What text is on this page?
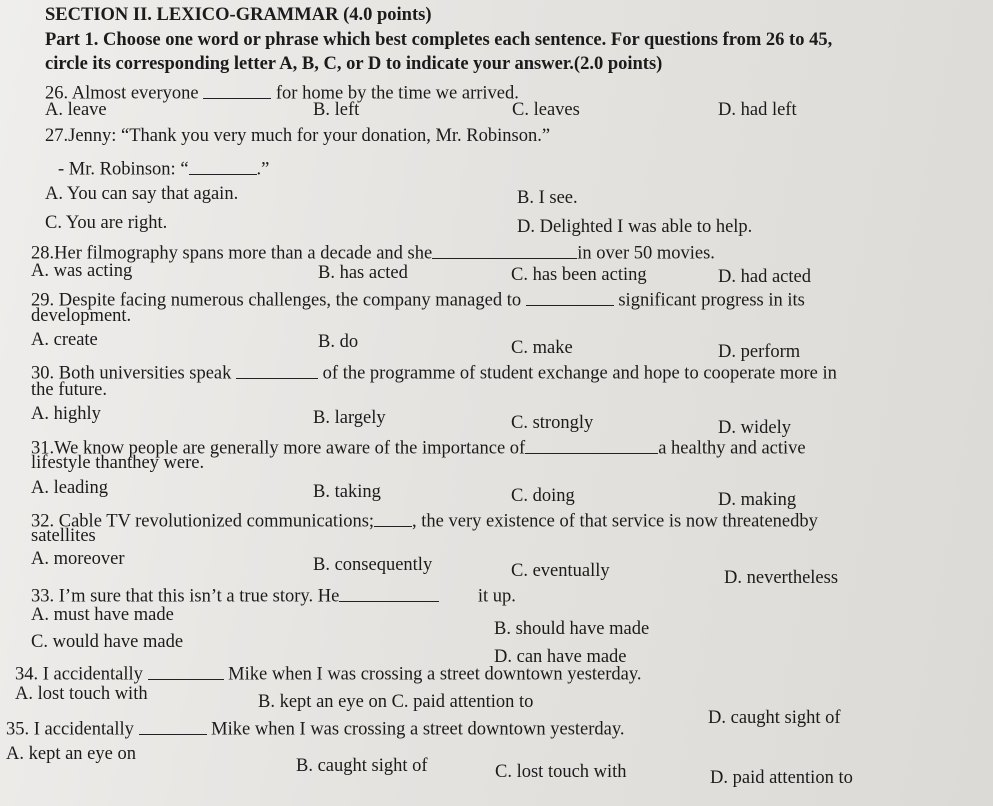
SECTION II. LEXICO-GRAMMAR (4.0 points)
Part 1. Choose one word or phrase which best completes each sentence. For questions from 26 to 45,
circle its corresponding letter A, B, C, or D to indicate your answer.(2.0 points)
26. Almost everyone	for home by the time we arrived.
A. leave	B. left	C. leaves	D. had left
27.Jenny: “Thank you very much for your donation, Mr. Robinson.”
- Mr. Robinson: “	.”
A. You can say that again.	B. I see.
C. You are right.	D. Delighted I was able to help.
28.Her filmography spans more than a decade and she	in over 50 movies.
A. was acting	B. has acted	C. has been acting	D. had acted
29. Despite facing numerous challenges, the company managed to	significant progress in its
development.
A. create	B. do	C. make	D. perform
30. Both universities speak	of the programme of student exchange and hope to cooperate more in
the future.
A. highly	B. largely	C. strongly	D. widely
31.We know people are generally more aware of the importance of	a healthy and active
lifestyle thanthey were.
A. leading	B. taking	C. doing	D. making
32. Cable TV revolutionized communications; , the very existence of that service is now threatenedby
satellites
A. moreover	B. consequently	C. eventually	D. nevertheless
33. I’m sure that this isn’t a true story. He	it up.
A. must have made
B. should have made
C. would have made
D. can have made
34. I accidentally	Mike when I was crossing a street downtown yesterday.
A. lost touch with	B. kept an eye on C. paid attention to
D. caught sight of
35. I accidentally	Mike when I was crossing a street downtown yesterday.
A. kept an eye on
B. caught sight of	C. lost touch with	D. paid attention to
